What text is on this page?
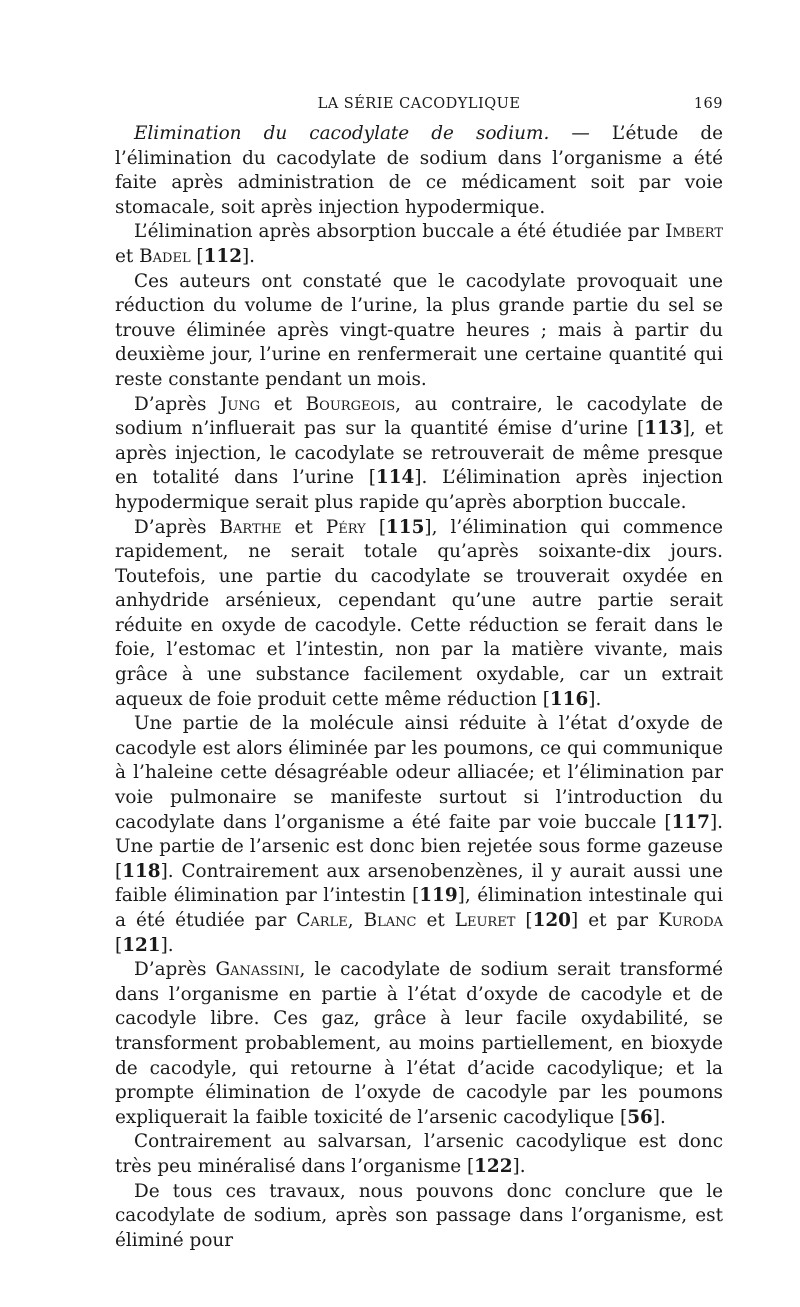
LA SÉRIE CACODYLIQUE	169

Elimination du cacodylate de sodium. — L’étude de l’élimination du cacodylate de sodium dans l’organisme a été faite après administration de ce médicament soit par voie stomacale, soit après injection hypodermique.

L’élimination après absorption buccale a été étudiée par Imbert et Badel [112].

Ces auteurs ont constaté que le cacodylate provoquait une réduction du volume de l’urine, la plus grande partie du sel se trouve éliminée après vingt-quatre heures ; mais à partir du deuxième jour, l’urine en renfermerait une certaine quantité qui reste constante pendant un mois.

D’après Jung et Bourgeois, au contraire, le cacodylate de sodium n’influerait pas sur la quantité émise d’urine [113], et après injection, le cacodylate se retrouverait de même presque en totalité dans l’urine [114]. L’élimination après injection hypodermique serait plus rapide qu’après aborption buccale.

D’après Barthe et Péry [115], l’élimination qui commence rapidement, ne serait totale qu’après soixante-dix jours. Toutefois, une partie du cacodylate se trouverait oxydée en anhydride arsénieux, cependant qu’une autre partie serait réduite en oxyde de cacodyle. Cette réduction se ferait dans le foie, l’estomac et l’intestin, non par la matière vivante, mais grâce à une substance facilement oxydable, car un extrait aqueux de foie produit cette même réduction [116].

Une partie de la molécule ainsi réduite à l’état d’oxyde de cacodyle est alors éliminée par les poumons, ce qui communique à l’haleine cette désagréable odeur alliacée; et l’élimination par voie pulmonaire se manifeste surtout si l’introduction du cacodylate dans l’organisme a été faite par voie buccale [117]. Une partie de l’arsenic est donc bien rejetée sous forme gazeuse [118]. Contrairement aux arsenobenzènes, il y aurait aussi une faible élimination par l’intestin [119], élimination intestinale qui a été étudiée par Carle, Blanc et Leuret [120] et par Kuroda [121].

D’après Ganassini, le cacodylate de sodium serait transformé dans l’organisme en partie à l’état d’oxyde de cacodyle et de cacodyle libre. Ces gaz, grâce à leur facile oxydabilité, se transforment probablement, au moins partiellement, en bioxyde de cacodyle, qui retourne à l’état d’acide cacodylique; et la prompte élimination de l’oxyde de cacodyle par les poumons expliquerait la faible toxicité de l’arsenic cacodylique [56].

Contrairement au salvarsan, l’arsenic cacodylique est donc très peu minéralisé dans l’organisme [122].

De tous ces travaux, nous pouvons donc conclure que le cacodylate de sodium, après son passage dans l’organisme, est éliminé pour
